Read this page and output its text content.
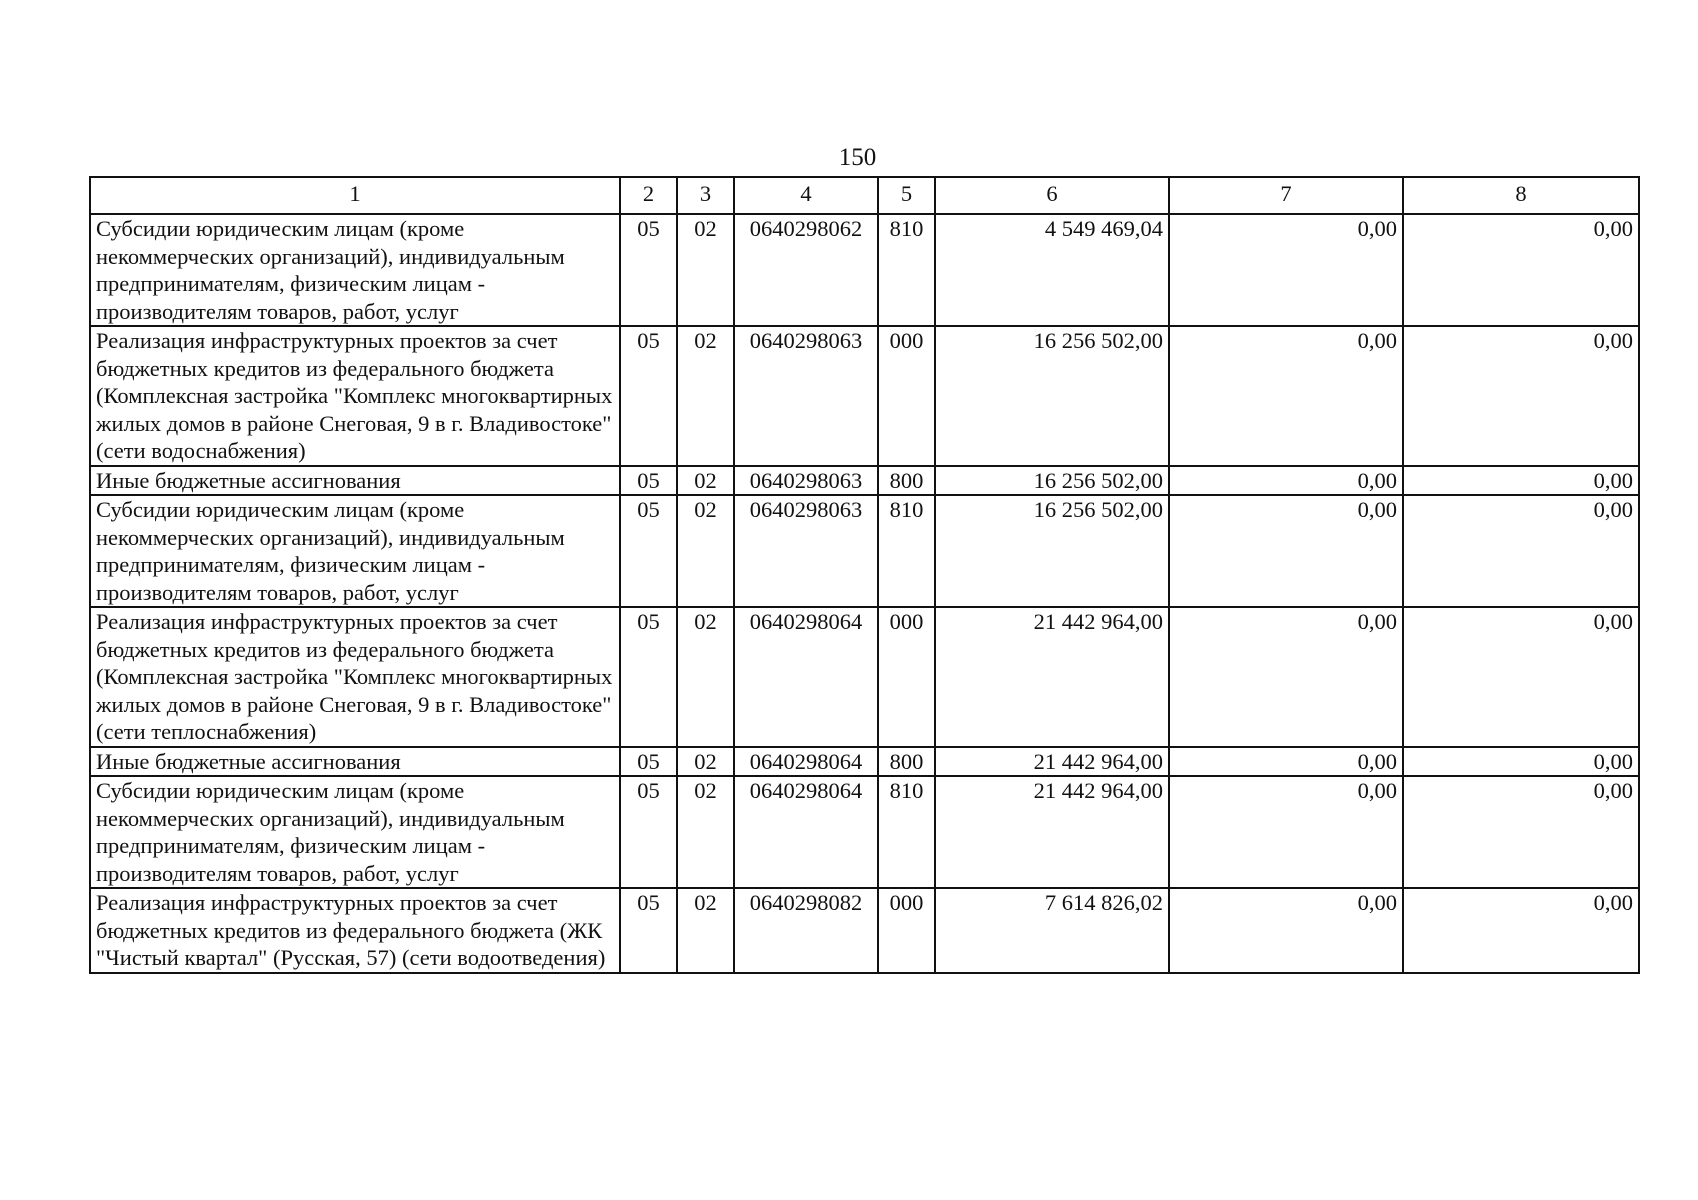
150
1	2	3	4	5	6	7	8
Субсидии юридическим лицам (кроме некоммерческих организаций), индивидуальным предпринимателям, физическим лицам - производителям товаров, работ, услуг	05	02	0640298062	810	4 549 469,04	0,00	0,00
Реализация инфраструктурных проектов за счет бюджетных кредитов из федерального бюджета (Комплексная застройка "Комплекс многоквартирных жилых домов в районе Снеговая, 9 в г. Владивостоке" (сети водоснабжения)	05	02	0640298063	000	16 256 502,00	0,00	0,00
Иные бюджетные ассигнования	05	02	0640298063	800	16 256 502,00	0,00	0,00
Субсидии юридическим лицам (кроме некоммерческих организаций), индивидуальным предпринимателям, физическим лицам - производителям товаров, работ, услуг	05	02	0640298063	810	16 256 502,00	0,00	0,00
Реализация инфраструктурных проектов за счет бюджетных кредитов из федерального бюджета (Комплексная застройка "Комплекс многоквартирных жилых домов в районе Снеговая, 9 в г. Владивостоке" (сети теплоснабжения)	05	02	0640298064	000	21 442 964,00	0,00	0,00
Иные бюджетные ассигнования	05	02	0640298064	800	21 442 964,00	0,00	0,00
Субсидии юридическим лицам (кроме некоммерческих организаций), индивидуальным предпринимателям, физическим лицам - производителям товаров, работ, услуг	05	02	0640298064	810	21 442 964,00	0,00	0,00
Реализация инфраструктурных проектов за счет бюджетных кредитов из федерального бюджета (ЖК "Чистый квартал" (Русская, 57) (сети водоотведения)	05	02	0640298082	000	7 614 826,02	0,00	0,00
